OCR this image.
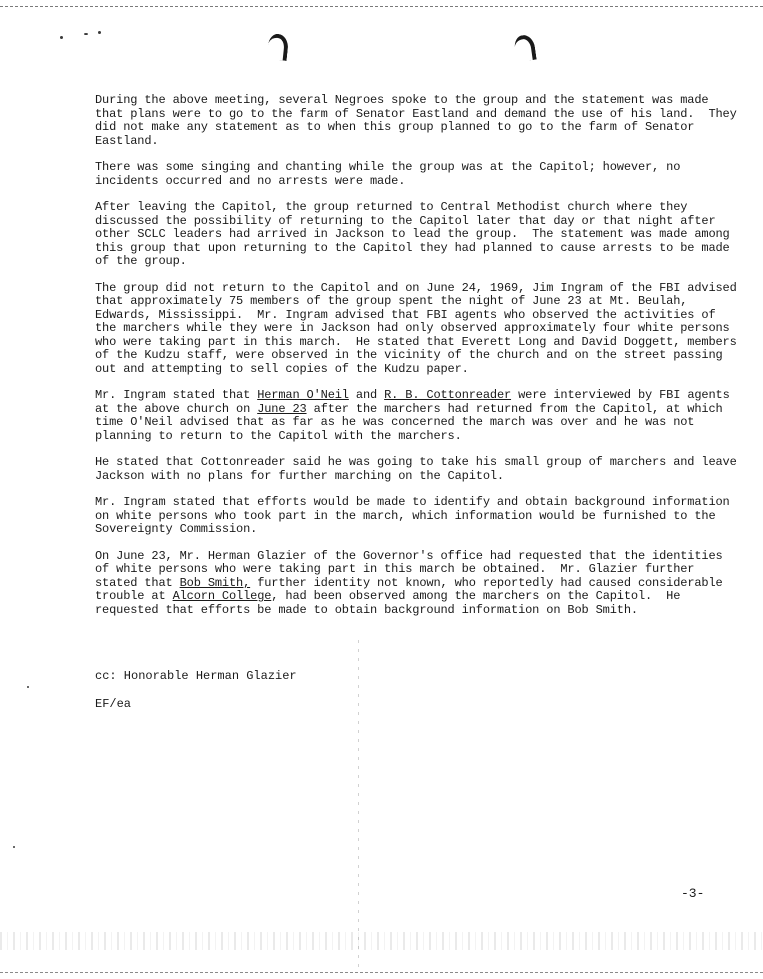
During the above meeting, several Negroes spoke to the group and the statement was made that plans were to go to the farm of Senator Eastland and demand the use of his land.  They did not make any statement as to when this group planned to go to the farm of Senator Eastland.

There was some singing and chanting while the group was at the Capitol; however, no incidents occurred and no arrests were made.

After leaving the Capitol, the group returned to Central Methodist church where they discussed the possibility of returning to the Capitol later that day or that night after other SCLC leaders had arrived in Jackson to lead the group.  The statement was made among this group that upon returning to the Capitol they had planned to cause arrests to be made of the group.

The group did not return to the Capitol and on June 24, 1969, Jim Ingram of the FBI advised that approximately 75 members of the group spent the night of June 23 at Mt. Beulah, Edwards, Mississippi.  Mr. Ingram advised that FBI agents who observed the activities of the marchers while they were in Jackson had only observed approximately four white persons who were taking part in this march.  He stated that Everett Long and David Doggett, members of the Kudzu staff, were observed in the vicinity of the church and on the street passing out and attempting to sell copies of the Kudzu paper.

Mr. Ingram stated that Herman O'Neil and R. B. Cottonreader were interviewed by FBI agents at the above church on June 23 after the marchers had returned from the Capitol, at which time O'Neil advised that as far as he was concerned the march was over and he was not planning to return to the Capitol with the marchers.

He stated that Cottonreader said he was going to take his small group of marchers and leave Jackson with no plans for further marching on the Capitol.

Mr. Ingram stated that efforts would be made to identify and obtain background information on white persons who took part in the march, which information would be furnished to the Sovereignty Commission.

On June 23, Mr. Herman Glazier of the Governor's office had requested that the identities of white persons who were taking part in this march be obtained.  Mr. Glazier further stated that Bob Smith, further identity not known, who reportedly had caused considerable trouble at Alcorn College, had been observed among the marchers on the Capitol.  He requested that efforts be made to obtain background information on Bob Smith.

cc: Honorable Herman Glazier
EF/ea
-3-
